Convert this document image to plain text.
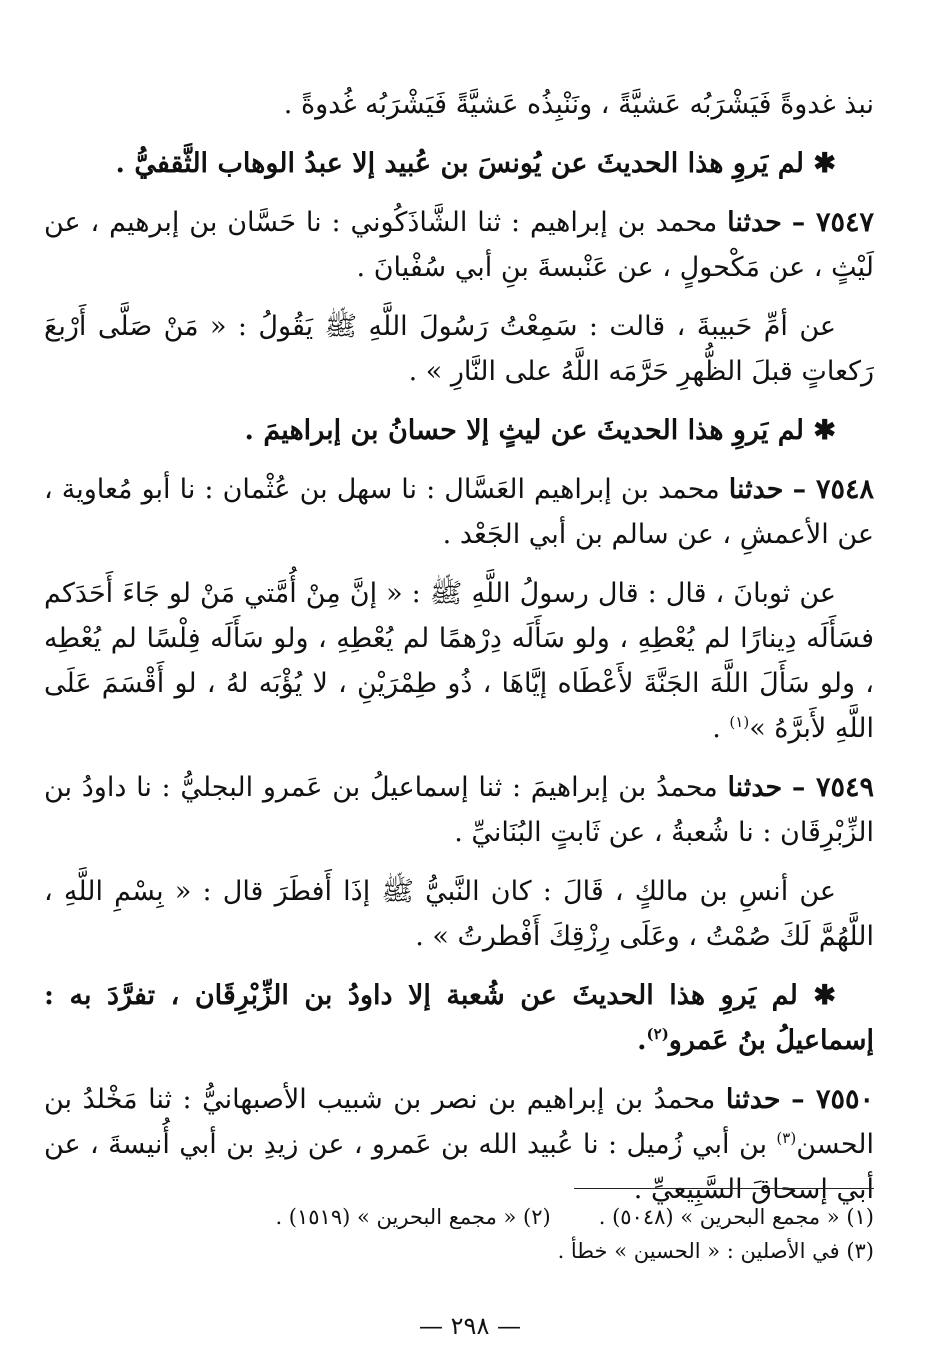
نبذ غدوةً فَيَشْرَبُه عَشيَّةً ، ونَنْبِذُه عَشيَّةً فَيَشْرَبُه غُدوةً .

✱ لم يَروِ هذا الحديثَ عن يُونسَ بن عُبيد إلا عبدُ الوهاب الثَّقفيُّ .

٧٥٤٧ – حدثنا محمد بن إبراهيم : ثنا الشَّاذَكُوني : نا حَسَّان بن إبرهيم ، عن لَيْثٍ ، عن مَكْحولٍ ، عن عَنْبسةَ بنِ أبي سُفْيانَ .

عن أمِّ حَبيبةَ ، قالت : سَمِعْتُ رَسُولَ اللَّهِ ﷺ يَقُولُ : « مَنْ صَلَّى أَرْبعَ رَكعاتٍ قبلَ الظُّهرِ حَرَّمَه اللَّهُ على النَّارِ » .

✱ لم يَروِ هذا الحديثَ عن ليثٍ إلا حسانُ بن إبراهيمَ .

٧٥٤٨ – حدثنا محمد بن إبراهيم العَسَّال : نا سهل بن عُثْمان : نا أبو مُعاوية ، عن الأعمشِ ، عن سالم بن أبي الجَعْد .

عن ثوبانَ ، قال : قال رسولُ اللَّهِ ﷺ : « إنَّ مِنْ أُمَّتي مَنْ لو جَاءَ أَحَدَكم فسَأَلَه دِينارًا لم يُعْطِهِ ، ولو سَأَلَه دِرْهمًا لم يُعْطِهِ ، ولو سَأَلَه فِلْسًا لم يُعْطِه ، ولو سَأَلَ اللَّهَ الجَنَّةَ لأَعْطَاه إيَّاهَا ، ذُو طِمْرَيْنِ ، لا يُؤْبَه لهُ ، لو أَقْسَمَ عَلَى اللَّهِ لأَبرَّهُ »$^{(١)}$ .

٧٥٤٩ – حدثنا محمدُ بن إبراهيمَ : ثنا إسماعيلُ بن عَمرو البجليُّ : نا داودُ بن الزِّبْرِقَان : نا شُعبةُ ، عن ثَابتٍ البُنَانيِّ .

عن أنسِ بن مالكٍ ، قَالَ : كان النَّبيُّ ﷺ إذَا أَفطَرَ قال : « بِسْمِ اللَّهِ ، اللَّهُمَّ لَكَ صُمْتُ ، وعَلَى رِزْقِكَ أَفْطرتُ » .

✱ لم يَروِ هذا الحديثَ عن شُعبة إلا داودُ بن الزِّبْرِقَان ، تفرَّدَ به : إسماعيلُ بنُ عَمرو$^{(٢)}$.

٧٥٥٠ – حدثنا محمدُ بن إبراهيم بن نصر بن شبيب الأصبهانيُّ : ثنا مَخْلدُ بن الحسن$^{(٣)}$ بن أبي زُميل : نا عُبيد الله بن عَمرو ، عن زيدِ بن أبي أُنيسةَ ، عن أبي إسحاقَ السَّبِيعيِّ .

(١) « مجمع البحرين » (٥٠٤٨) .
(٢) « مجمع البحرين » (١٥١٩) .
(٣) في الأصلين : « الحسين » خطأ .
— ٢٩٨ —
